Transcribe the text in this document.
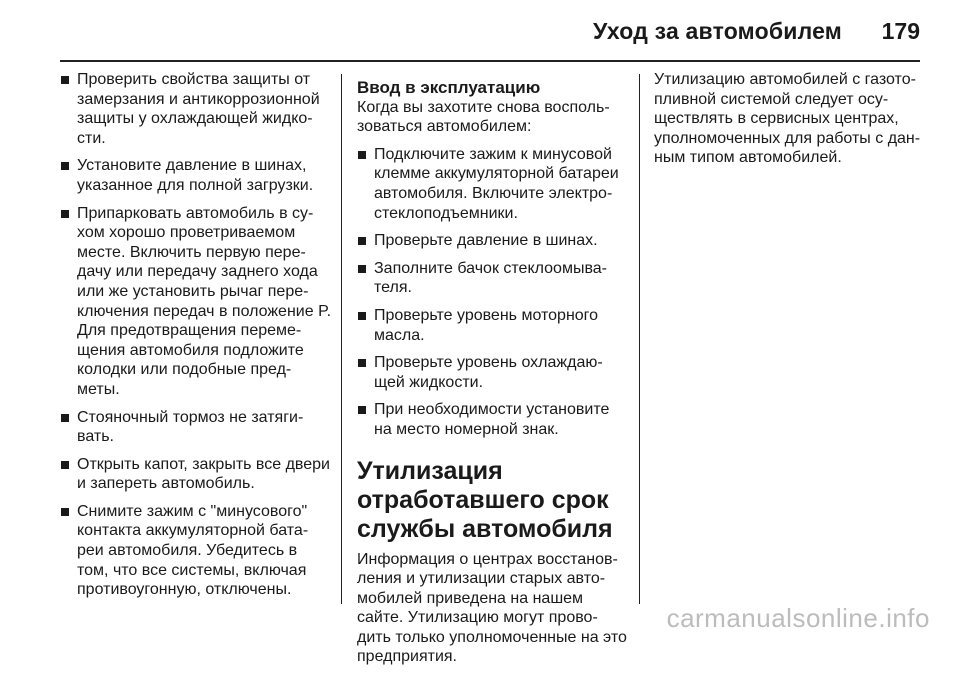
Уход за автомобилем 179
Проверить свойства защиты от замерзания и антикоррозионной защиты у охлаждающей жидко- сти.
Установите давление в шинах, указанное для полной загрузки.
Припарковать автомобиль в су- хом хорошо проветриваемом месте. Включить первую пере- дачу или передачу заднего хода или же установить рычаг пере- ключения передач в положение P. Для предотвращения переме- щения автомобиля подложите колодки или подобные пред- меты.
Стояночный тормоз не затяги- вать.
Открыть капот, закрыть все двери и запереть автомобиль.
Снимите зажим с "минусового" контакта аккумуляторной бата- реи автомобиля. Убедитесь в том, что все системы, включая противоугонную, отключены.
Ввод в эксплуатацию

Когда вы захотите снова восполь- зоваться автомобилем:

Подключите зажим к минусовой клемме аккумуляторной батареи автомобиля. Включите электро- стеклоподъемники.
Проверьте давление в шинах.
Заполните бачок стеклоомыва- теля.
Проверьте уровень моторного масла.
Проверьте уровень охлаждаю- щей жидкости.
При необходимости установите на место номерной знак.
Утилизация отработавшего срок службы автомобиля

Информация о центрах восстанов- ления и утилизации старых авто- мобилей приведена на нашем сайте. Утилизацию могут прово- дить только уполномоченные на это предприятия.

Утилизацию автомобилей с газото- пливной системой следует осу- ществлять в сервисных центрах, уполномоченных для работы с дан- ным типом автомобилей.

carmanualsonline.info
